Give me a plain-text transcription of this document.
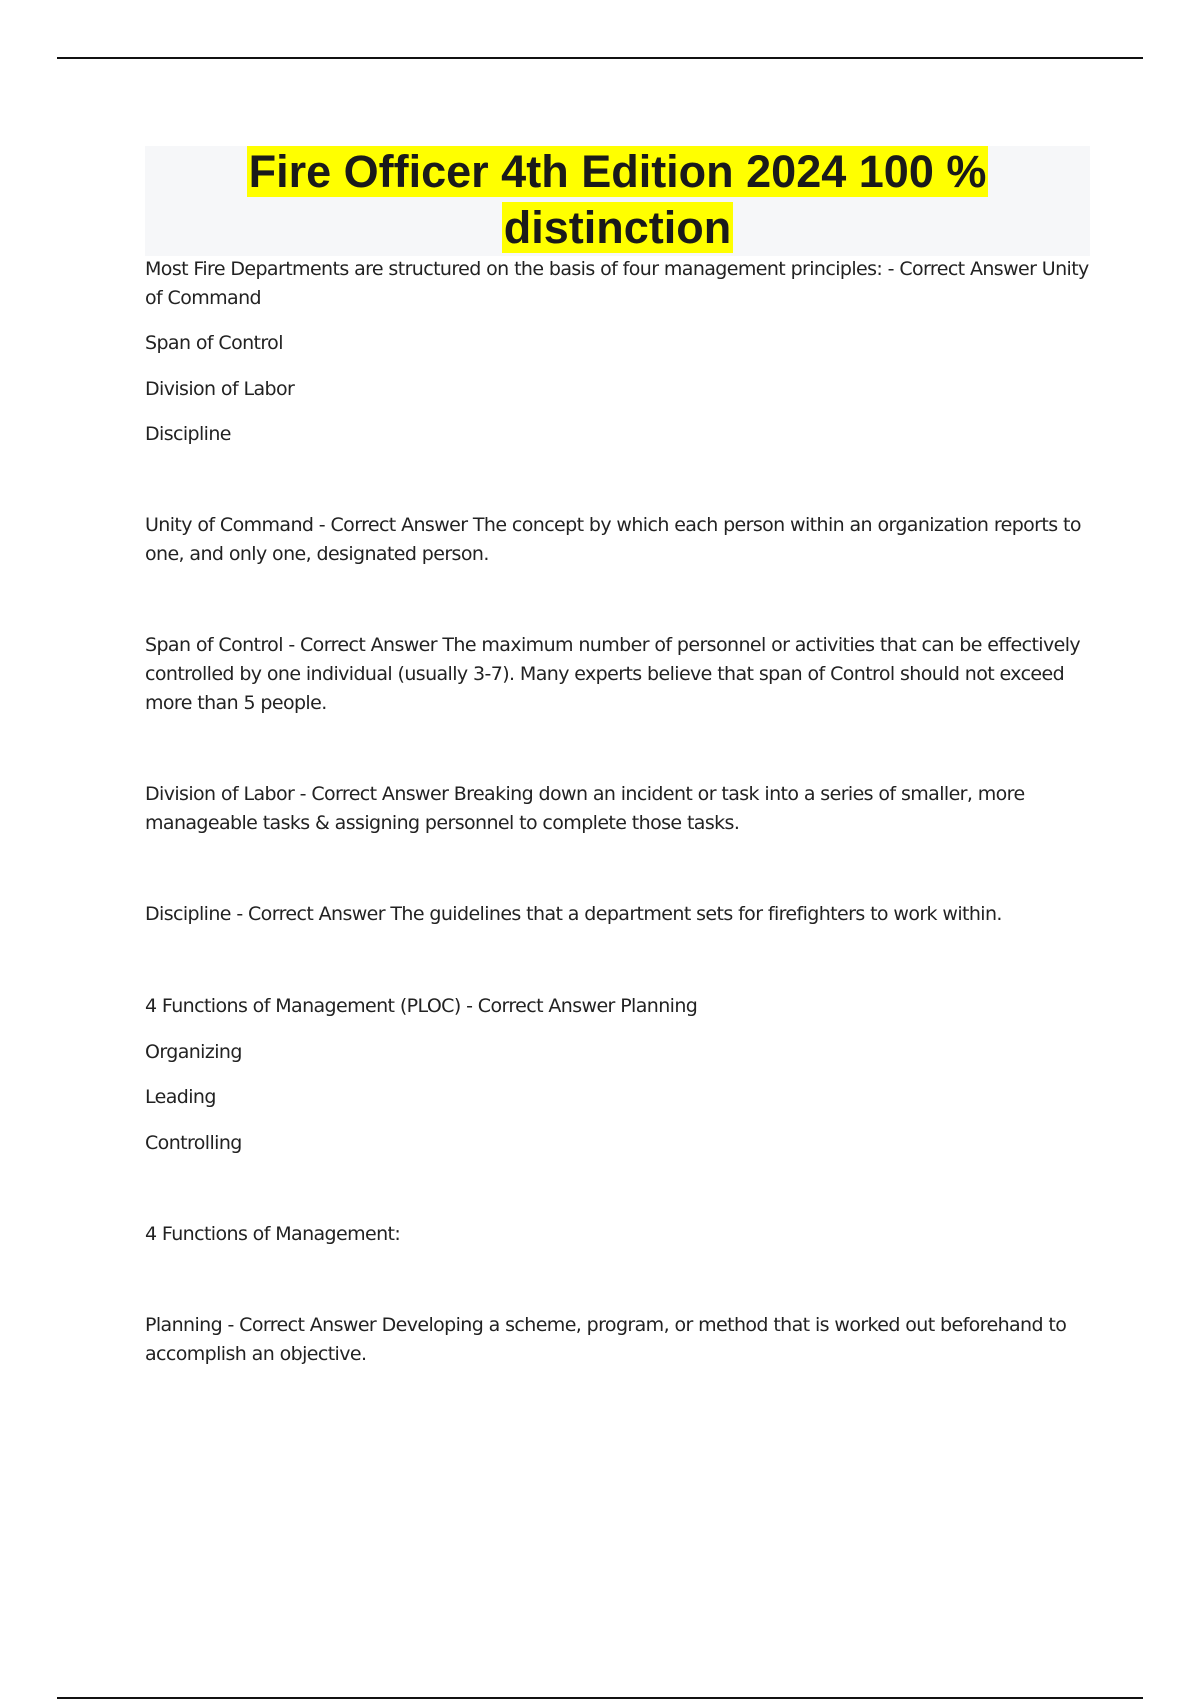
Fire Officer 4th Edition 2024 100 % distinction

Most Fire Departments are structured on the basis of four management principles: - Correct Answer Unity of Command

Span of Control

Division of Labor

Discipline

Unity of Command - Correct Answer The concept by which each person within an organization reports to one, and only one, designated person.

Span of Control - Correct Answer The maximum number of personnel or activities that can be effectively controlled by one individual (usually 3-7). Many experts believe that span of Control should not exceed more than 5 people.

Division of Labor - Correct Answer Breaking down an incident or task into a series of smaller, more manageable tasks & assigning personnel to complete those tasks.

Discipline - Correct Answer The guidelines that a department sets for firefighters to work within.

4 Functions of Management (PLOC) - Correct Answer Planning

Organizing

Leading

Controlling

4 Functions of Management:

Planning - Correct Answer Developing a scheme, program, or method that is worked out beforehand to accomplish an objective.
